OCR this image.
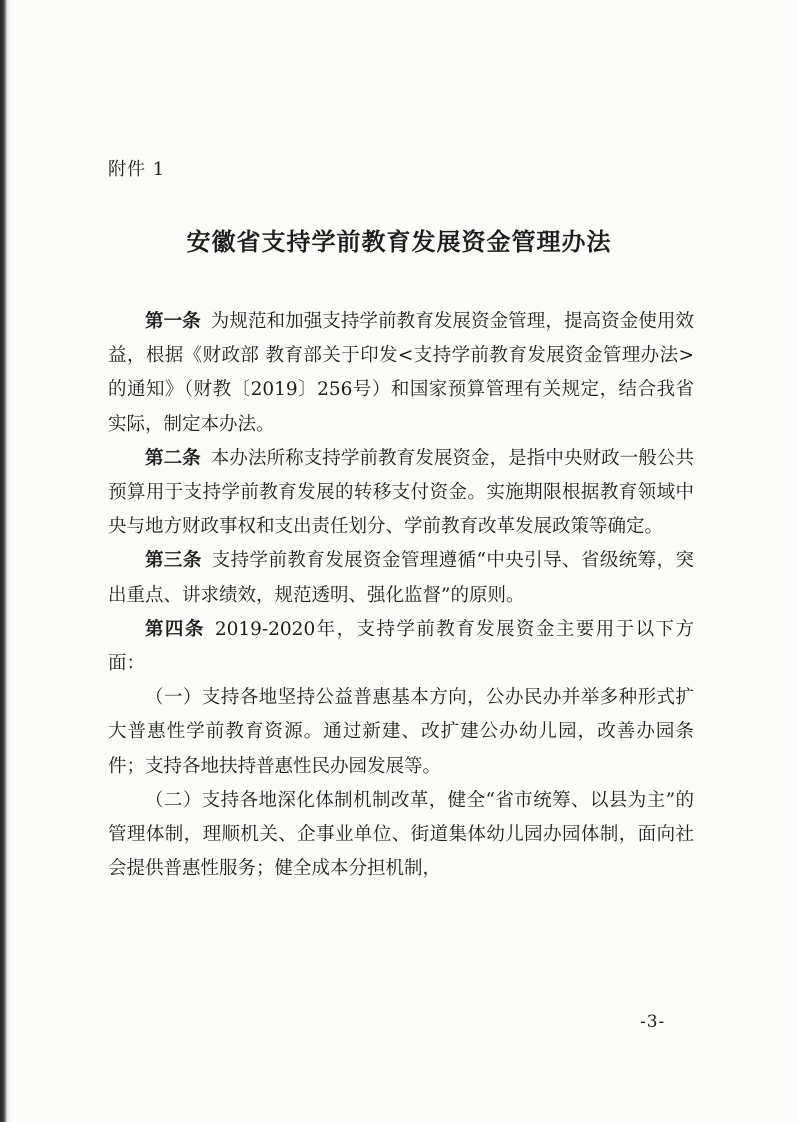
附件 1
安徽省支持学前教育发展资金管理办法

第一条 为规范和加强支持学前教育发展资金管理，提高资金使用效益，根据《财政部 教育部关于印发<支持学前教育发展资金管理办法>的通知》（财教〔2019〕256号）和国家预算管理有关规定，结合我省实际，制定本办法。

第二条 本办法所称支持学前教育发展资金，是指中央财政一般公共预算用于支持学前教育发展的转移支付资金。实施期限根据教育领域中央与地方财政事权和支出责任划分、学前教育改革发展政策等确定。

第三条 支持学前教育发展资金管理遵循“中央引导、省级统筹，突出重点、讲求绩效，规范透明、强化监督”的原则。

第四条 2019-2020年，支持学前教育发展资金主要用于以下方面：

（一）支持各地坚持公益普惠基本方向，公办民办并举多种形式扩大普惠性学前教育资源。通过新建、改扩建公办幼儿园，改善办园条件；支持各地扶持普惠性民办园发展等。

（二）支持各地深化体制机制改革，健全“省市统筹、以县为主”的管理体制，理顺机关、企事业单位、街道集体幼儿园办园体制，面向社会提供普惠性服务；健全成本分担机制，

-3-
